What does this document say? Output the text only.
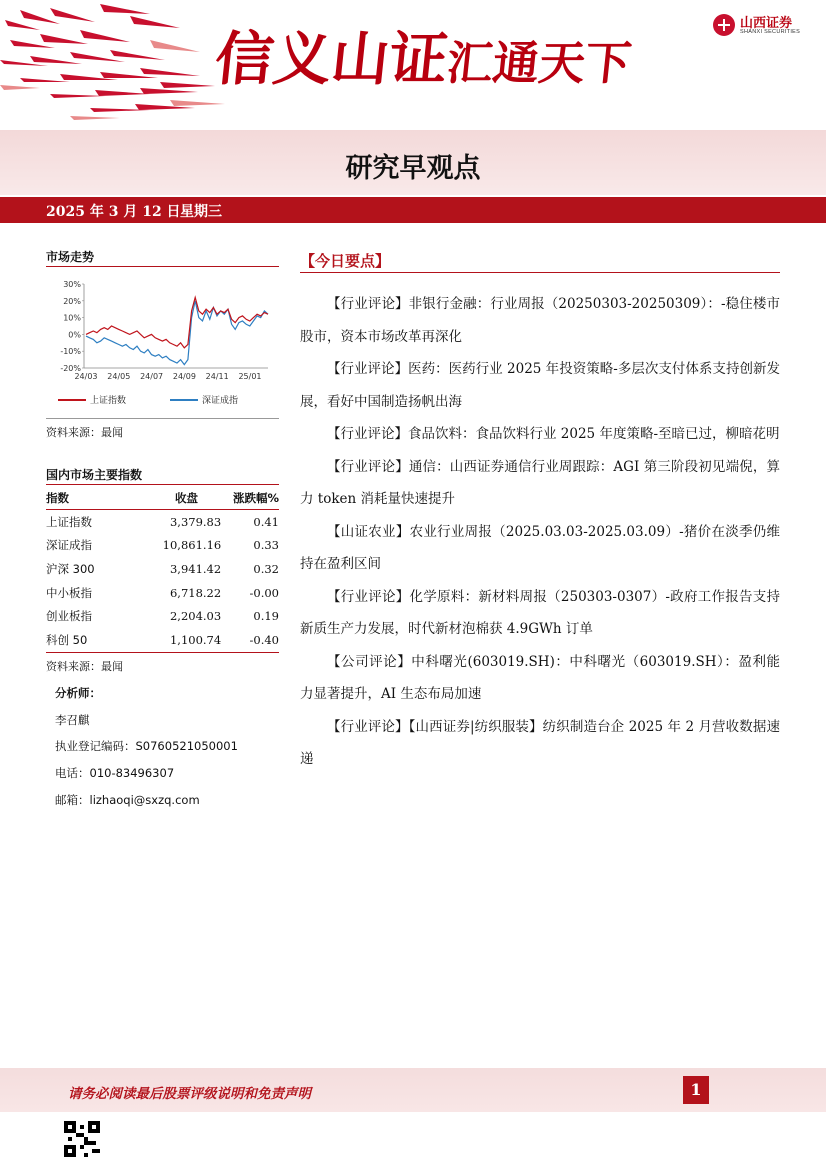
信义山证汇通天下
山西证券
SHANXI SECURITIES
研究早观点
2025 年 3 月 12 日 星期三
市场走势
30%
20%
10%
0%
-10%
-20%
24/03 24/05 24/07 24/09 24/11 25/01
上证指数	深证成指
资料来源：最闻
国内市场主要指数
指数	收盘	涨跌幅%
上证指数	3,379.83	0.41
深证成指	10,861.16	0.33
沪深 300	3,941.42	0.32
中小板指	6,718.22	-0.00
创业板指	2,204.03	0.19
科创 50	1,100.74	-0.40
资料来源：最闻
分析师：
李召麒
执业登记编码：S0760521050001
电话：010-83496307
邮箱：lizhaoqi@sxzq.com
【今日要点】

【行业评论】非银行金融：行业周报（20250303-20250309）：-稳住楼市股市，资本市场改革再深化

【行业评论】医药：医药行业 2025 年投资策略-多层次支付体系支持创新发展，看好中国制造扬帆出海

【行业评论】食品饮料：食品饮料行业 2025 年度策略-至暗已过，柳暗花明

【行业评论】通信：山西证券通信行业周跟踪：AGI 第三阶段初见端倪，算力 token 消耗量快速提升

【山证农业】农业行业周报（2025.03.03-2025.03.09）-猪价在淡季仍维持在盈利区间

【行业评论】化学原料：新材料周报（250303-0307）-政府工作报告支持新质生产力发展，时代新材泡棉获 4.9GWh 订单

【公司评论】中科曙光(603019.SH)：中科曙光（603019.SH）：盈利能力显著提升，AI 生态布局加速

【行业评论】【山西证券|纺织服装】纺织制造台企 2025 年 2 月营收数据速递

请务必阅读最后股票评级说明和免责声明	1
